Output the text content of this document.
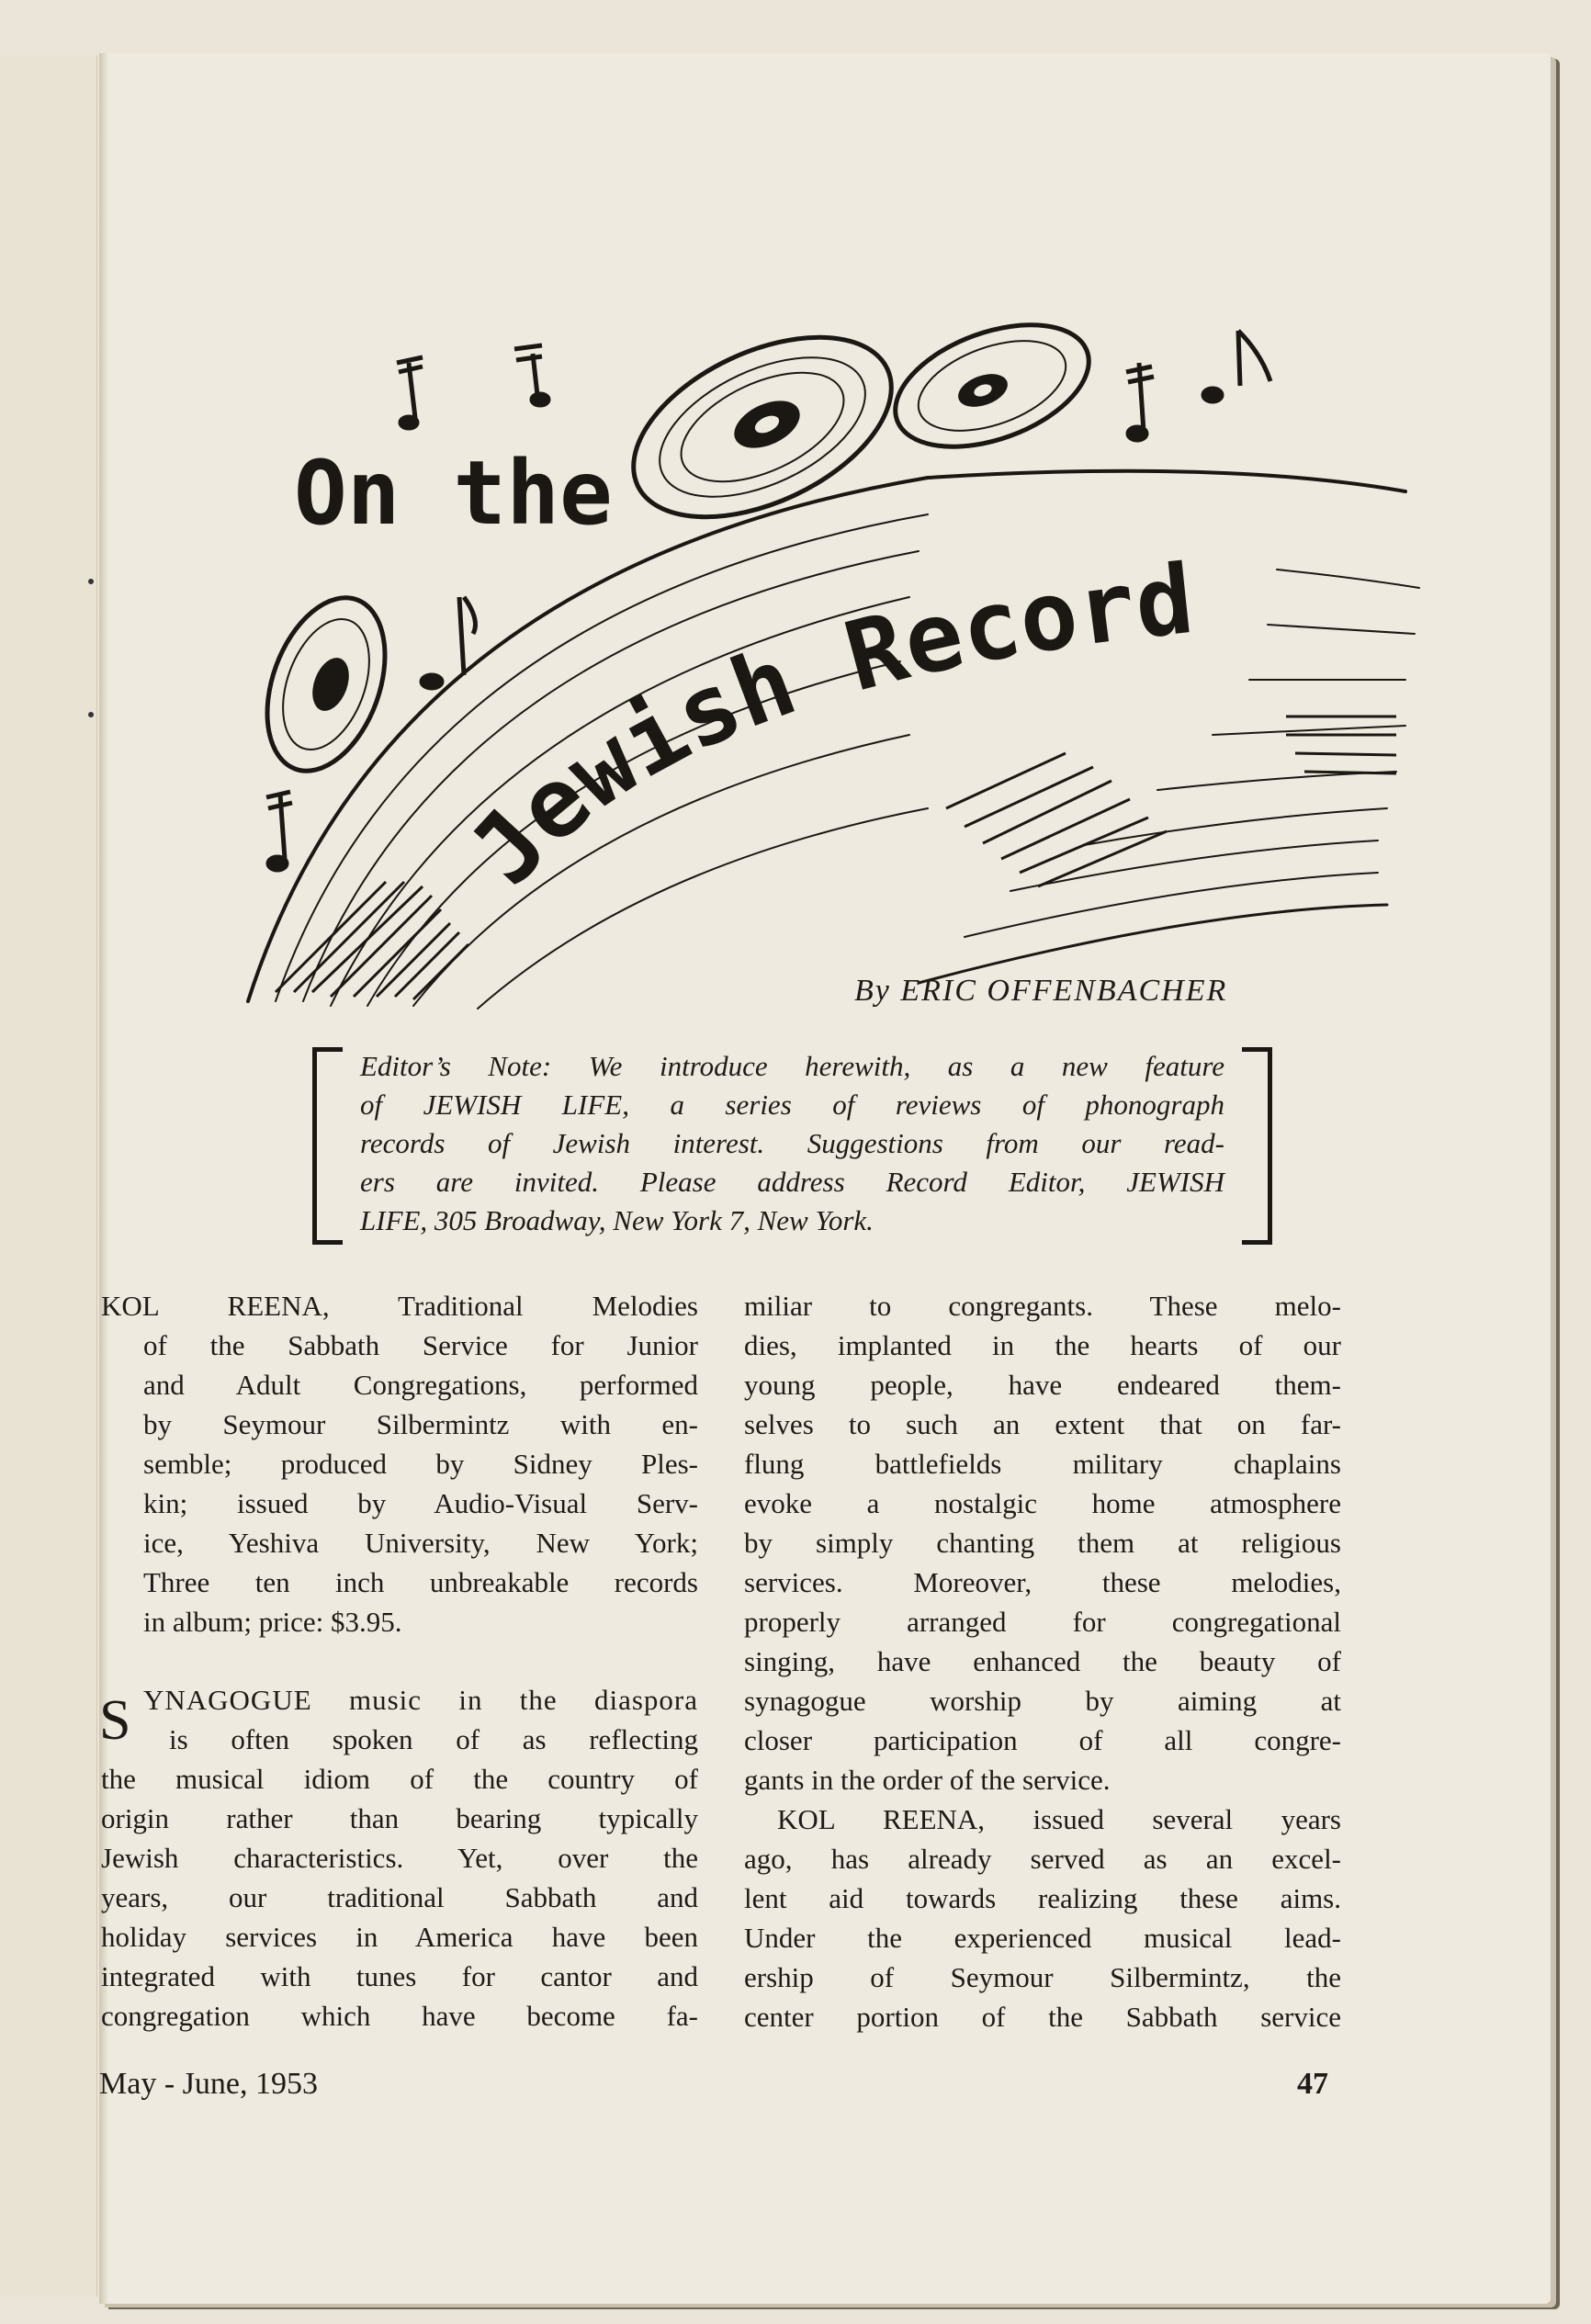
On the
Jewish Record
By ERIC OFFENBACHER

Editor’s Note: We introduce herewith, as a new feature
of JEWISH LIFE, a series of reviews of phonograph
records of Jewish interest. Suggestions from our read-
ers are invited. Please address Record Editor, JEWISH
LIFE, 305 Broadway, New York 7, New York.

KOL REENA, Traditional Melodies
of the Sabbath Service for Junior
and Adult Congregations, performed
by Seymour Silbermintz with en-
semble; produced by Sidney Ples-
kin; issued by Audio-Visual Serv-
ice, Yeshiva University, New York;
Three ten inch unbreakable records
in album; price: $3.95.
YNAGOGUE music in the diaspora
is often spoken of as reflecting
the musical idiom of the country of
origin rather than bearing typically
Jewish characteristics. Yet, over the
years, our traditional Sabbath and
holiday services in America have been
integrated with tunes for cantor and
congregation which have become fa-
S
miliar to congregants. These melo-
dies, implanted in the hearts of our
young people, have endeared them-
selves to such an extent that on far-
flung battlefields military chaplains
evoke a nostalgic home atmosphere
by simply chanting them at religious
services. Moreover, these melodies,
properly arranged for congregational
singing, have enhanced the beauty of
synagogue worship by aiming at
closer participation of all congre-
gants in the order of the service.
KOL REENA, issued several years
ago, has already served as an excel-
lent aid towards realizing these aims.
Under the experienced musical lead-
ership of Seymour Silbermintz, the
center portion of the Sabbath service
May - June, 1953	47
